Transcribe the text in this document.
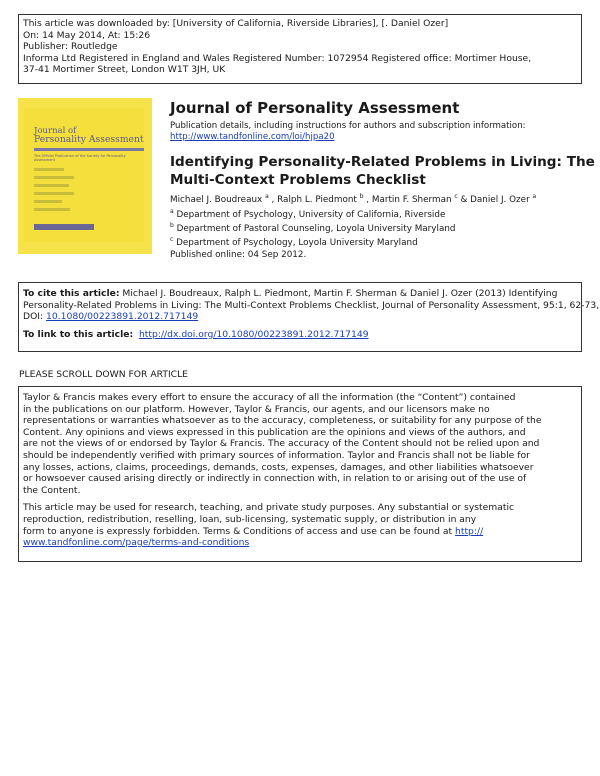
This article was downloaded by: [University of California, Riverside Libraries], [. Daniel Ozer]
On: 14 May 2014, At: 15:26
Publisher: Routledge
Informa Ltd Registered in England and Wales Registered Number: 1072954 Registered office: Mortimer House,
37-41 Mortimer Street, London W1T 3JH, UK
Journal of
Personality Assessment
The Official Publication of the Society for Personality Assessment
Journal of Personality Assessment
Publication details, including instructions for authors and subscription information:
http://www.tandfonline.com/loi/hjpa20
Identifying Personality-Related Problems in Living: The
Multi-Context Problems Checklist
Michael J. Boudreaux $^a$ , Ralph L. Piedmont $^b$ , Martin F. Sherman $^c$ & Daniel J. Ozer $^a$
$^a$ Department of Psychology, University of California, Riverside
$^b$ Department of Pastoral Counseling, Loyola University Maryland
$^c$ Department of Psychology, Loyola University Maryland
Published online: 04 Sep 2012.
To cite this article: Michael J. Boudreaux, Ralph L. Piedmont, Martin F. Sherman & Daniel J. Ozer (2013) Identifying
Personality-Related Problems in Living: The Multi-Context Problems Checklist, Journal of Personality Assessment, 95:1, 62-73,
DOI: 10.1080/00223891.2012.717149
To link to this article: http://dx.doi.org/10.1080/00223891.2012.717149
PLEASE SCROLL DOWN FOR ARTICLE
Taylor & Francis makes every effort to ensure the accuracy of all the information (the “Content”) contained
in the publications on our platform. However, Taylor & Francis, our agents, and our licensors make no
representations or warranties whatsoever as to the accuracy, completeness, or suitability for any purpose of the
Content. Any opinions and views expressed in this publication are the opinions and views of the authors, and
are not the views of or endorsed by Taylor & Francis. The accuracy of the Content should not be relied upon and
should be independently verified with primary sources of information. Taylor and Francis shall not be liable for
any losses, actions, claims, proceedings, demands, costs, expenses, damages, and other liabilities whatsoever
or howsoever caused arising directly or indirectly in connection with, in relation to or arising out of the use of
the Content.
This article may be used for research, teaching, and private study purposes. Any substantial or systematic
reproduction, redistribution, reselling, loan, sub-licensing, systematic supply, or distribution in any
form to anyone is expressly forbidden. Terms & Conditions of access and use can be found at http://
www.tandfonline.com/page/terms-and-conditions
